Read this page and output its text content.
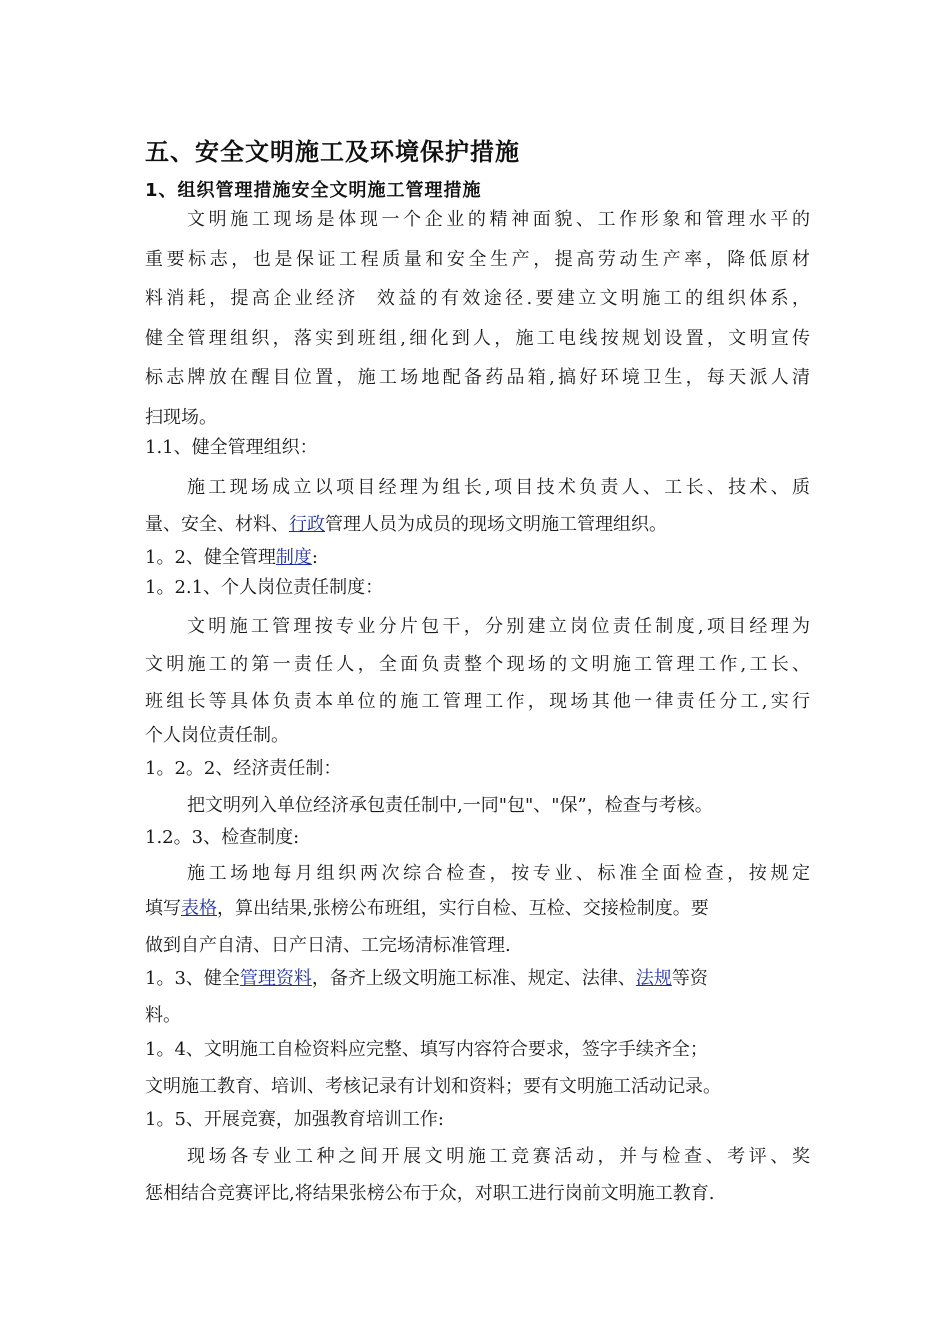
五、安全文明施工及环境保护措施
1、组织管理措施安全文明施工管理措施
文明施工现场是体现一个企业的精神面貌、工作形象和管理水平的
重要标志，也是保证工程质量和安全生产，提高劳动生产率，降低原材
料消耗，提高企业经济  效益的有效途径.要建立文明施工的组织体系，
健全管理组织，落实到班组,细化到人，施工电线按规划设置，文明宣传
标志牌放在醒目位置，施工场地配备药品箱,搞好环境卫生，每天派人清
扫现场。
1.1、健全管理组织：
施工现场成立以项目经理为组长,项目技术负责人、工长、技术、质
量、安全、材料、行政管理人员为成员的现场文明施工管理组织。
1。2、健全管理制度:
1。2.1、个人岗位责任制度：
文明施工管理按专业分片包干，分别建立岗位责任制度,项目经理为
文明施工的第一责任人，全面负责整个现场的文明施工管理工作,工长、
班组长等具体负责本单位的施工管理工作，现场其他一律责任分工,实行
个人岗位责任制。
1。2。2、经济责任制：
把文明列入单位经济承包责任制中,一同"包"、"保”，检查与考核。
1.2。3、检查制度:
施工场地每月组织两次综合检查，按专业、标准全面检查，按规定
填写表格，算出结果,张榜公布班组，实行自检、互检、交接检制度。要
做到自产自清、日产日清、工完场清标准管理.
1。3、健全管理资料，备齐上级文明施工标准、规定、法律、法规等资
料。
1。4、文明施工自检资料应完整、填写内容符合要求，签字手续齐全；
文明施工教育、培训、考核记录有计划和资料；要有文明施工活动记录。
1。5、开展竞赛，加强教育培训工作:
现场各专业工种之间开展文明施工竞赛活动，并与检查、考评、奖
惩相结合竞赛评比,将结果张榜公布于众，对职工进行岗前文明施工教育.
